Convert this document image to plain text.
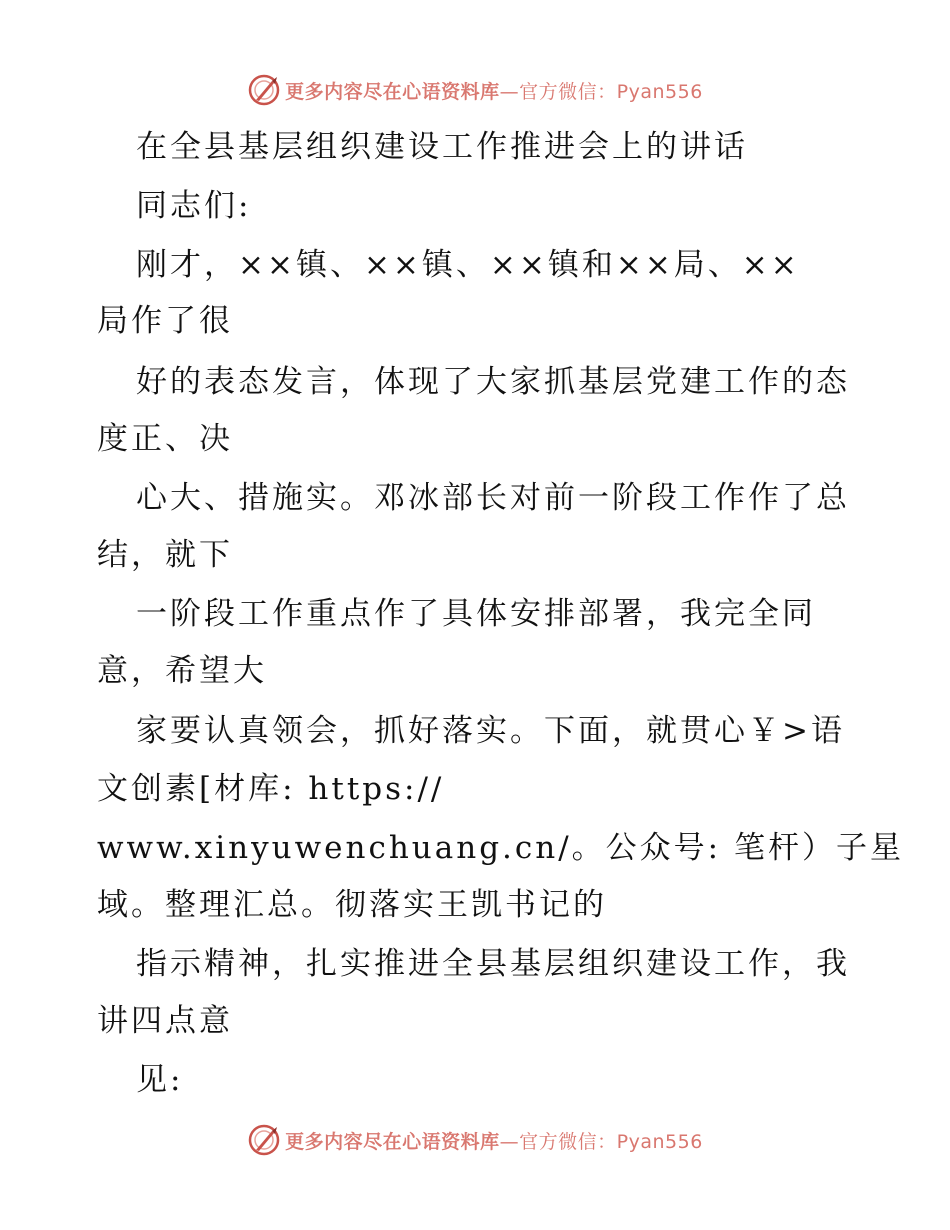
更多内容尽在心语资料库—官方微信：Pyan556
在全县基层组织建设工作推进会上的讲话
同志们:
刚才，××镇、××镇、××镇和××局、××
局作了很
好的表态发言，体现了大家抓基层党建工作的态
度正、决
心大、措施实。邓冰部长对前一阶段工作作了总
结，就下
一阶段工作重点作了具体安排部署，我完全同
意，希望大
家要认真领会，抓好落实。下面，就贯心￥>语
文创素[材库: https://
www.xinyuwenchuang.cn/。公众号: 笔杆）子星
域。整理汇总。彻落实王凯书记的
指示精神，扎实推进全县基层组织建设工作，我
讲四点意
见:
更多内容尽在心语资料库—官方微信：Pyan556
